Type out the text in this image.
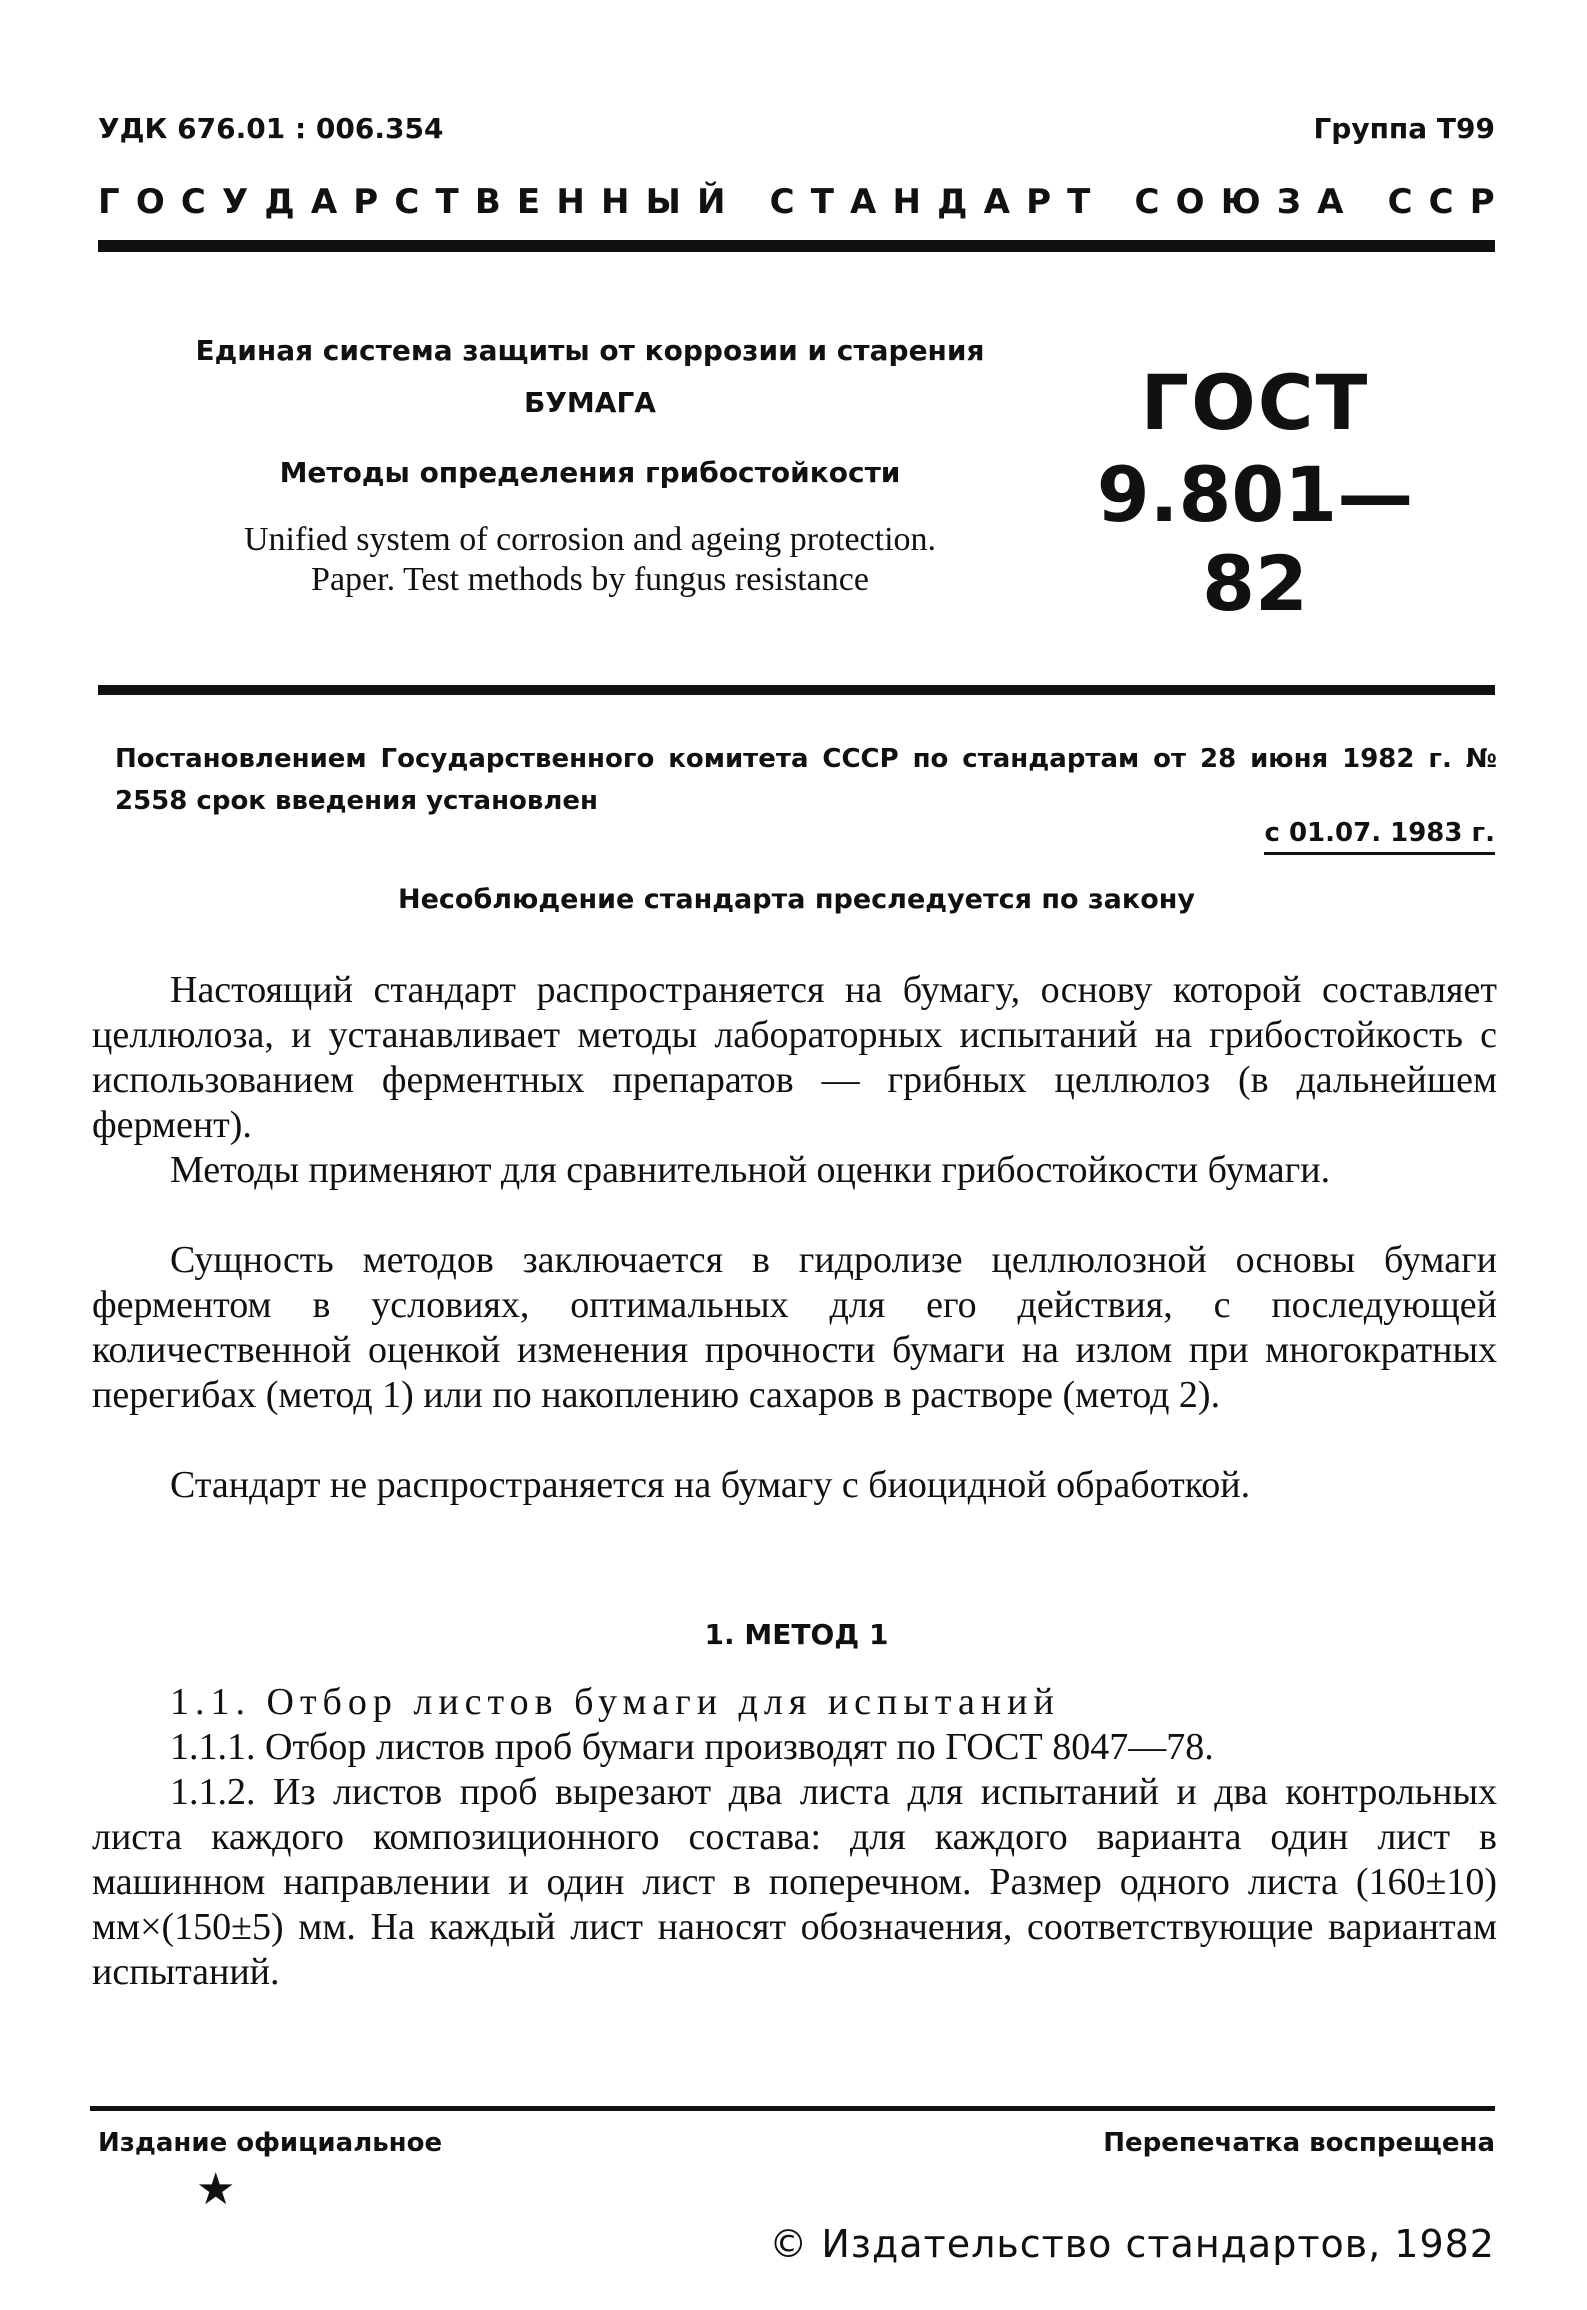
УДК 676.01 : 006.354	Группа Т99
Г О С У Д А Р С Т В Е Н Н Ы Й
С Т А Н Д А Р Т
С О Ю З А
С С Р
Единая система защиты от коррозии и старения
БУМАГА
Методы определения грибостойкости
Unified system of corrosion and ageing protection.
Paper. Test methods by fungus resistance
ГОСТ
9.801—82
Постановлением Государственного комитета СССР по стандартам от 28 июня 1982 г. № 2558 срок введения установлен
с 01.07. 1983 г.
Несоблюдение стандарта преследуется по закону
Настоящий стандарт распространяется на бумагу, основу которой составляет целлюлоза, и устанавливает методы лабораторных испытаний на грибостойкость с использованием ферментных препаратов — грибных целлюлоз (в дальнейшем фермент).
Методы применяют для сравнительной оценки грибостойкости бумаги.
Сущность методов заключается в гидролизе целлюлозной основы бумаги ферментом в условиях, оптимальных для его действия, с последующей количественной оценкой изменения прочности бумаги на излом при многократных перегибах (метод 1) или по накоплению сахаров в растворе (метод 2).
Стандарт не распространяется на бумагу с биоцидной обработкой.
1. МЕТОД 1
1.1. Отбор листов бумаги для испытаний
1.1.1. Отбор листов проб бумаги производят по ГОСТ 8047—78.
1.1.2. Из листов проб вырезают два листа для испытаний и два контрольных листа каждого композиционного состава: для каждого варианта один лист в машинном направлении и один лист в поперечном. Размер одного листа (160±10) мм×(150±5) мм. На каждый лист наносят обозначения, соответствующие вариантам испытаний.
Издание официальное	Перепечатка воспрещена
★
© Издательство стандартов, 1982
